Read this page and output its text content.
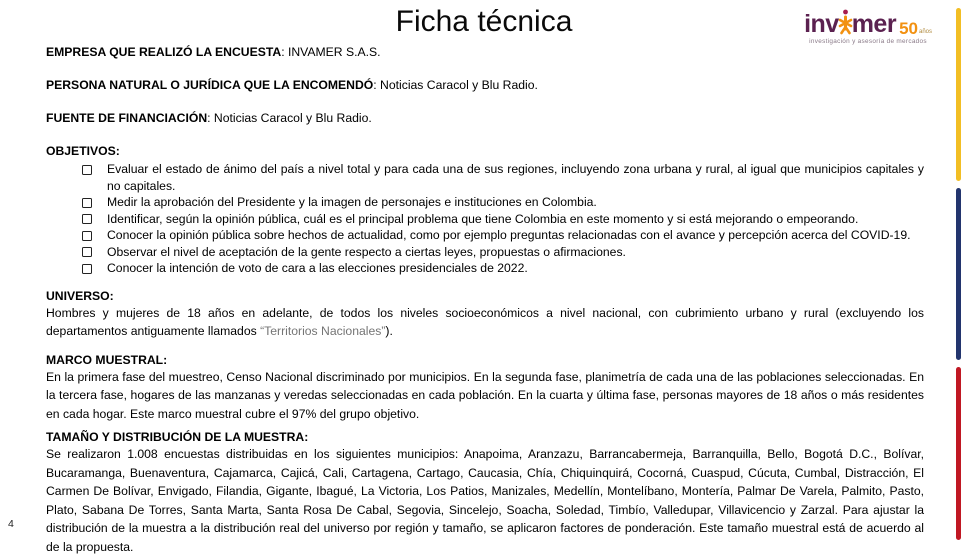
Ficha técnica	inv mer 50 años
investigación y asesoría de mercados
EMPRESA QUE REALIZÓ LA ENCUESTA: INVAMER S.A.S.
PERSONA NATURAL O JURÍDICA QUE LA ENCOMENDÓ: Noticias Caracol y Blu Radio.
FUENTE DE FINANCIACIÓN: Noticias Caracol y Blu Radio.
OBJETIVOS:
Evaluar el estado de ánimo del país a nivel total y para cada una de sus regiones, incluyendo zona urbana y rural, al igual que municipios capitales y no capitales.
Medir la aprobación del Presidente y la imagen de personajes e instituciones en Colombia.
Identificar, según la opinión pública, cuál es el principal problema que tiene Colombia en este momento y si está mejorando o empeorando.
Conocer la opinión pública sobre hechos de actualidad, como por ejemplo preguntas relacionadas con el avance y percepción acerca del COVID-19.
Observar el nivel de aceptación de la gente respecto a ciertas leyes, propuestas o afirmaciones.
Conocer la intención de voto de cara a las elecciones presidenciales de 2022.
UNIVERSO:

Hombres y mujeres de 18 años en adelante, de todos los niveles socioeconómicos a nivel nacional, con cubrimiento urbano y rural (excluyendo los departamentos antiguamente llamados “Territorios Nacionales”).

MARCO MUESTRAL:

En la primera fase del muestreo, Censo Nacional discriminado por municipios. En la segunda fase, planimetría de cada una de las poblaciones seleccionadas. En la tercera fase, hogares de las manzanas y veredas seleccionadas en cada población. En la cuarta y última fase, personas mayores de 18 años o más residentes en cada hogar. Este marco muestral cubre el 97% del grupo objetivo.

TAMAÑO Y DISTRIBUCIÓN DE LA MUESTRA:

Se realizaron 1.008 encuestas distribuidas en los siguientes municipios: Anapoima, Aranzazu, Barrancabermeja, Barranquilla, Bello, Bogotá D.C., Bolívar, Bucaramanga, Buenaventura, Cajamarca, Cajicá, Cali, Cartagena, Cartago, Caucasia, Chía, Chiquinquirá, Cocorná, Cuaspud, Cúcuta, Cumbal, Distracción, El Carmen De Bolívar, Envigado, Filandia, Gigante, Ibagué, La Victoria, Los Patios, Manizales, Medellín, Montelíbano, Montería, Palmar De Varela, Palmito, Pasto, Plato, Sabana De Torres, Santa Marta, Santa Rosa De Cabal, Segovia, Sincelejo, Soacha, Soledad, Timbío, Valledupar, Villavicencio y Zarzal. Para ajustar la distribución de la muestra a la distribución real del universo por región y tamaño, se aplicaron factores de ponderación. Este tamaño muestral está de acuerdo al de la propuesta.

4
